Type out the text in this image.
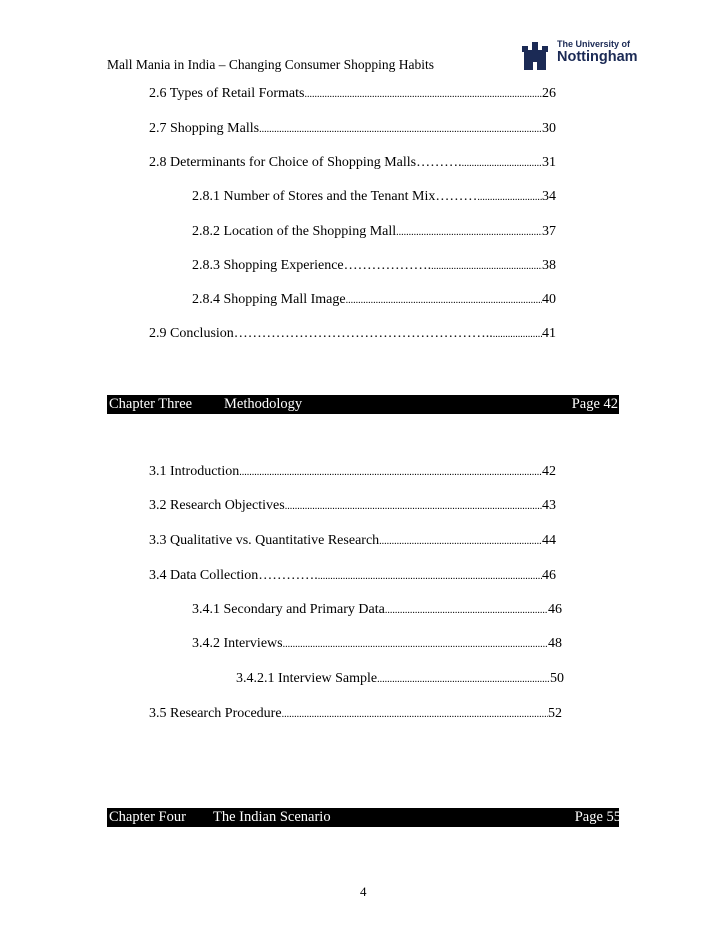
Mall Mania in India – Changing Consumer Shopping Habits
The University of
Nottingham
2.6 Types of Retail Formats .....	26
2.7 Shopping Malls .....	30
2.8 Determinants for Choice of Shopping Malls………. .....	31
2.8.1 Number of Stores and the Tenant Mix……… .....	34
2.8.2 Location of the Shopping Mall .....	37
2.8.3 Shopping Experience………………. .....	38
2.8.4 Shopping Mall Image .....	40
2.9 Conclusion……………………………………………….. .....	41
Chapter Three Methodology	Page 42
3.1 Introduction .....	42
3.2 Research Objectives .....	43
3.3 Qualitative vs. Quantitative Research .....	44
3.4 Data Collection…………. .....	46
3.4.1 Secondary and Primary Data .....	46
3.4.2 Interviews .....	48
3.4.2.1 Interview Sample .....	50
3.5 Research Procedure .....	52
Chapter Four The Indian Scenario	Page 55
4
